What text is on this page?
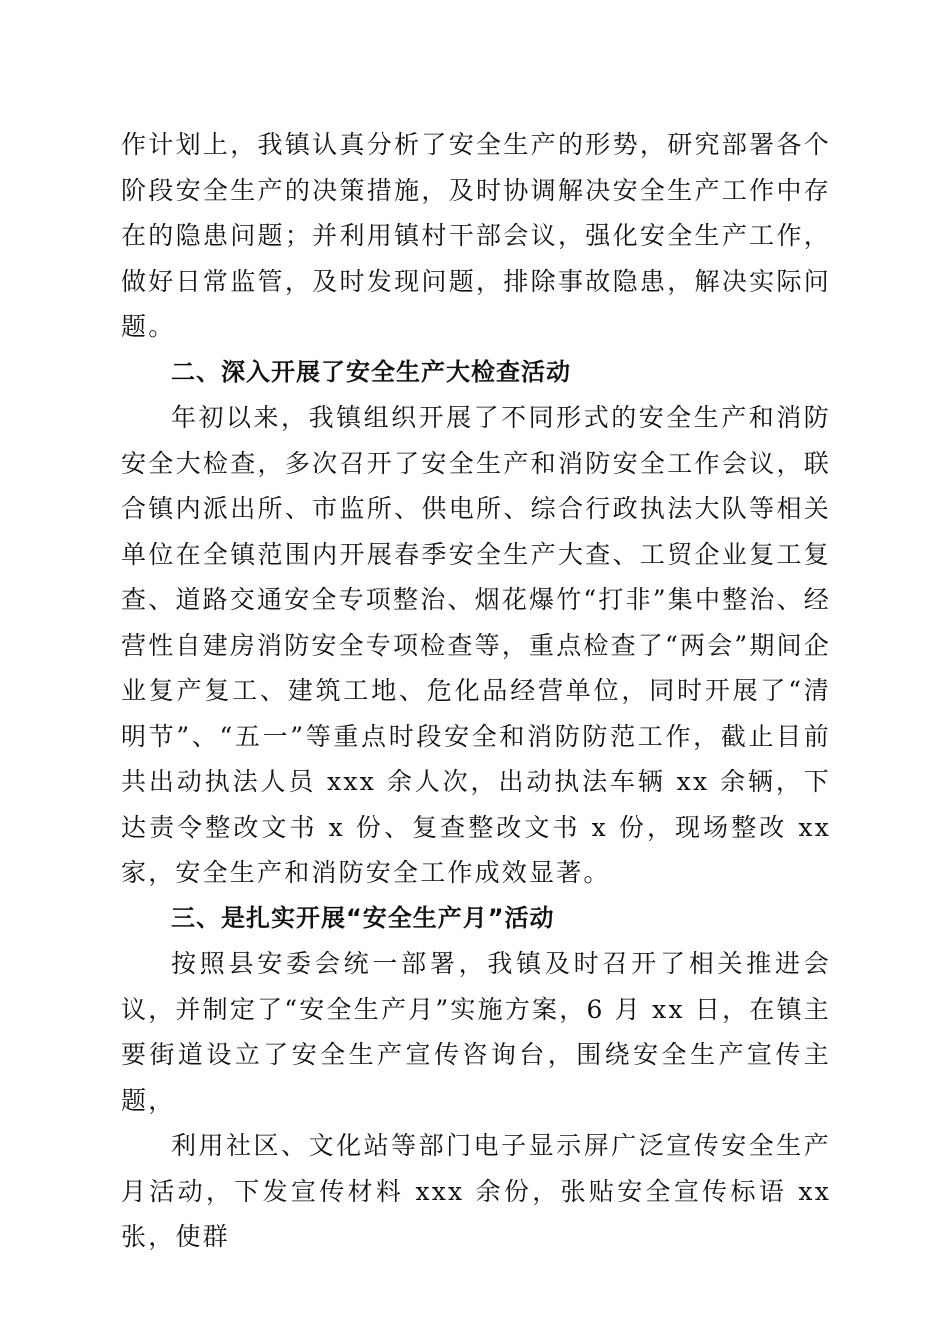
作计划上，我镇认真分析了安全生产的形势，研究部署各个阶段安全生产的决策措施，及时协调解决安全生产工作中存在的隐患问题；并利用镇村干部会议，强化安全生产工作，做好日常监管，及时发现问题，排除事故隐患，解决实际问题。

二、深入开展了安全生产大检查活动

年初以来，我镇组织开展了不同形式的安全生产和消防安全大检查，多次召开了安全生产和消防安全工作会议，联合镇内派出所、市监所、供电所、综合行政执法大队等相关单位在全镇范围内开展春季安全生产大查、工贸企业复工复查、道路交通安全专项整治、烟花爆竹“打非”集中整治、经营性自建房消防安全专项检查等，重点检查了“两会”期间企业复产复工、建筑工地、危化品经营单位，同时开展了“清明节”、“五一”等重点时段安全和消防防范工作，截止目前共出动执法人员 xxx 余人次，出动执法车辆 xx 余辆，下达责令整改文书 x 份、复查整改文书 x 份，现场整改 xx 家，安全生产和消防安全工作成效显著。

三、是扎实开展“安全生产月”活动

按照县安委会统一部署，我镇及时召开了相关推进会议，并制定了“安全生产月”实施方案，6 月 xx 日，在镇主要街道设立了安全生产宣传咨询台，围绕安全生产宣传主题，

利用社区、文化站等部门电子显示屏广泛宣传安全生产月活动，下发宣传材料 xxx 余份，张贴安全宣传标语 xx 张，使群
